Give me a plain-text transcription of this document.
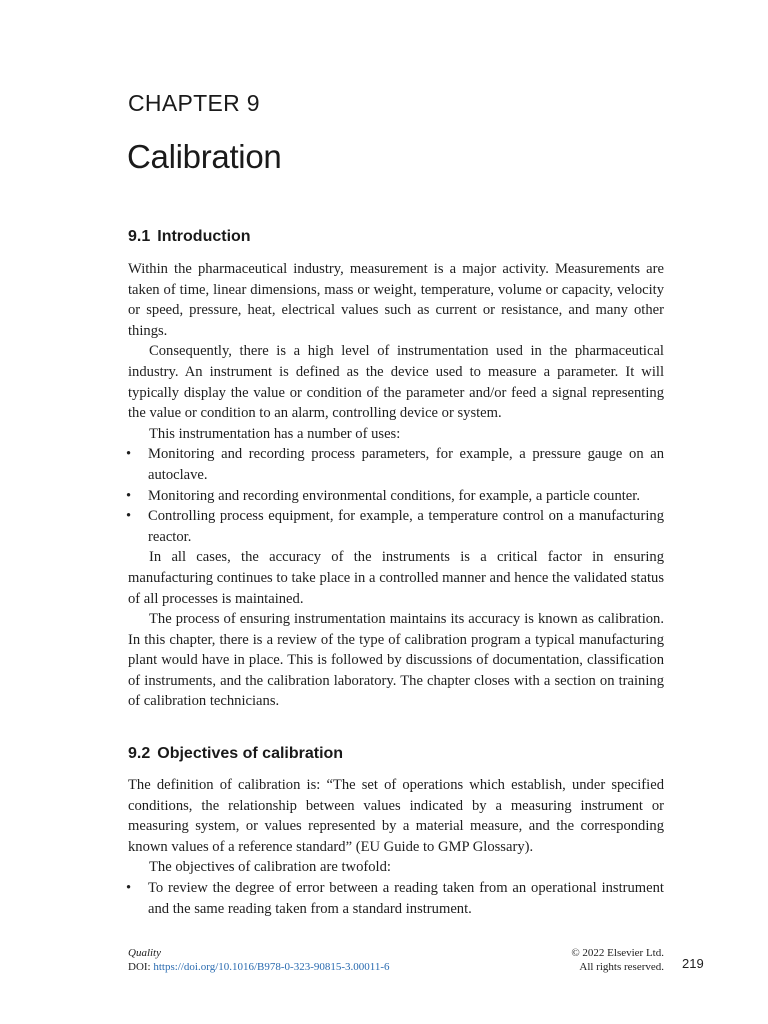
CHAPTER 9
Calibration
9.1 Introduction

Within the pharmaceutical industry, measurement is a major activity. Measurements are taken of time, linear dimensions, mass or weight, temperature, volume or capacity, velocity or speed, pressure, heat, electrical values such as current or resistance, and many other things.

Consequently, there is a high level of instrumentation used in the pharmaceutical industry. An instrument is defined as the device used to measure a parameter. It will typically display the value or condition of the parameter and/or feed a signal representing the value or condition to an alarm, controlling device or system.

This instrumentation has a number of uses:

• Monitoring and recording process parameters, for example, a pressure gauge on an autoclave.
• Monitoring and recording environmental conditions, for example, a particle counter.
• Controlling process equipment, for example, a temperature control on a manufacturing reactor.

In all cases, the accuracy of the instruments is a critical factor in ensuring manufacturing continues to take place in a controlled manner and hence the validated status of all processes is maintained.

The process of ensuring instrumentation maintains its accuracy is known as calibration. In this chapter, there is a review of the type of calibration program a typical manufacturing plant would have in place. This is followed by discussions of documentation, classification of instruments, and the calibration laboratory. The chapter closes with a section on training of calibration technicians.

9.2 Objectives of calibration

The definition of calibration is: “The set of operations which establish, under specified conditions, the relationship between values indicated by a measuring instrument or measuring system, or values represented by a material measure, and the corresponding known values of a reference standard” (EU Guide to GMP Glossary).

The objectives of calibration are twofold:

• To review the degree of error between a reading taken from an operational instrument and the same reading taken from a standard instrument.
Quality
DOI: https://doi.org/10.1016/B978-0-323-90815-3.00011-6
© 2022 Elsevier Ltd.
All rights reserved. 219
